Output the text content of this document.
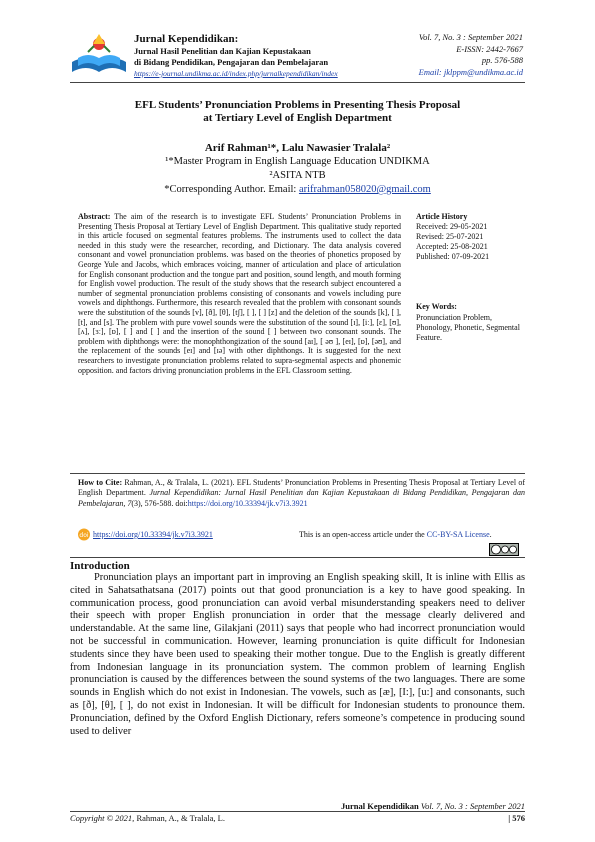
Jurnal Kependidikan:
Jurnal Hasil Penelitian dan Kajian Kepustakaan
di Bidang Pendidikan, Pengajaran dan Pembelajaran
https://e-journal.undikma.ac.id/index.php/jurnalkependidikan/index
Vol. 7, No. 3 : September 2021
E-ISSN: 2442-7667
pp. 576-588
Email: jklppm@undikma.ac.id
EFL Students’ Pronunciation Problems in Presenting Thesis Proposal
at Tertiary Level of English Department
Arif Rahman¹*, Lalu Nawasier Tralala²
¹*Master Program in English Language Education UNDIKMA
²ASITA NTB
*Corresponding Author. Email: arifrahman058020@gmail.com
Abstract: The aim of the research is to investigate EFL Students’ Pronunciation Problems in Presenting Thesis Proposal at Tertiary Level of English Department. This qualitative study reported in this article focused on segmental features problems. The instruments used to collect the data needed in this study were the researcher, recording, and Dictionary. The data analysis covered consonant and vowel pronunciation problems. was based on the theories of phonetics proposed by George Yule and Jacobs, which embraces voicing, manner of articulation and place of articulation for English consonant production and the tongue part and position, sound length, and mouth forming for English vowel production. The result of the study shows that the research subject encountered a number of segmental pronunciation problems consisting of consonants and vowels including pure vowels and diphthongs. Furthermore, this research revealed that the problem with consonant sounds were the substitution of the sounds [v], [ð], [θ], [tʃ], [ ], [ ] [z] and the deletion of the sounds [k], [ ], [t], and [s]. The problem with pure vowel sounds were the substitution of the sound [ɪ], [iː], [ɛ], [ʊ], [ʌ], [ɜː], [ɒ], [ ] and [ ] and the insertion of the sound [ ] between two consonant sounds. The problem with diphthongs were: the monophthongization of the sound [aɪ], [ əʊ ], [eɪ], [ɒ], [əʊ], and the replacement of the sounds [eɪ] and [ɪə] with other diphthongs. It is suggested for the next researchers to investigate pronunciation problems related to supra-segmental aspects and phonemic opposition. and factors driving pronunciation problems in the EFL Classroom setting.
Article History
Received: 29-05-2021
Revised: 25-07-2021
Accepted: 25-08-2021
Published: 07-09-2021
Key Words:
Pronunciation Problem, Phonology, Phonetic, Segmental Feature.
How to Cite: Rahman, A., & Tralala, L. (2021). EFL Students’ Pronunciation Problems in Presenting Thesis Proposal at Tertiary Level of English Department. Jurnal Kependidikan: Jurnal Hasil Penelitian dan Kajian Kepustakaan di Bidang Pendidikan, Pengajaran dan Pembelajaran, 7(3), 576-588. doi:https://doi.org/10.33394/jk.v7i3.3921
doi https://doi.org/10.33394/jk.v7i3.3921	This is an open-access article under the CC-BY-SA License.
Introduction

Pronunciation plays an important part in improving an English speaking skill, It is inline with Ellis as cited in Sahatsathatsana (2017) points out that good pronunciation is a key to have good speaking. In communication process, good pronunciation can avoid verbal misunderstanding speakers need to deliver their speech with proper English pronunciation in order that the message clearly delivered and understandable. At the same line, Gilakjani (2011) says that people who had incorrect pronunciation would not be successful in communication. However, learning pronunciation is quite difficult for Indonesian students since they have been used to speaking their mother tongue. Due to the English is greatly different from Indonesian language in its pronunciation system. The common problem of learning English pronunciation is caused by the differences between the sound systems of the two languages. There are some sounds in English which do not exist in Indonesian. The vowels, such as [æ], [I:], [u:] and consonants, such as [ð], [θ], [ ], do not exist in Indonesian. It will be difficult for Indonesian students to pronounce them. Pronunciation, defined by the Oxford English Dictionary, refers someone’s competence in producing sound used to deliver

Jurnal Kependidikan Vol. 7, No. 3 : September 2021
Copyright © 2021, Rahman, A., & Tralala, L.	| 576
